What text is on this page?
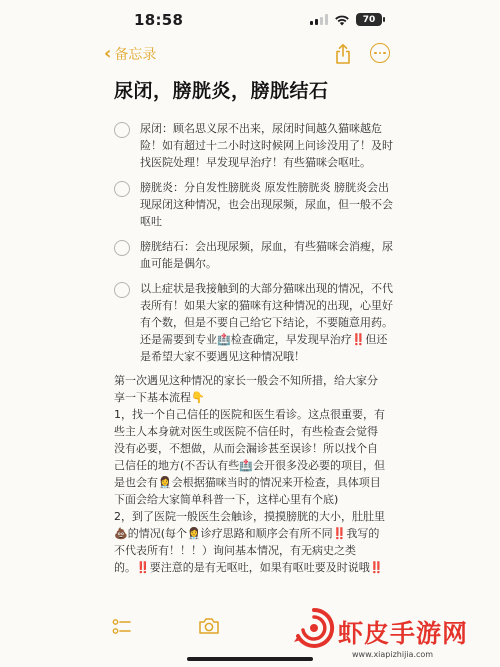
18:58	70
‹ 备忘录
尿闭，膀胱炎，膀胱结石
尿闭：顾名思义尿不出来，尿闭时间越久猫咪越危险！如有超过十二小时这时候网上问诊没用了！及时找医院处理！早发现早治疗！有些猫咪会呕吐。
膀胱炎：分自发性膀胱炎 原发性膀胱炎 膀胱炎会出现尿闭这种情况，也会出现尿频，尿血，但一般不会呕吐
膀胱结石：会出现尿频，尿血，有些猫咪会消瘦，尿血可能是偶尔。
以上症状是我接触到的大部分猫咪出现的情况，不代表所有！如果大家的猫咪有这种情况的出现，心里好有个数，但是不要自己给它下结论，不要随意用药。还是需要到专业🏥检查确定，早发现早治疗‼️但还是希望大家不要遇见这种情况哦！

第一次遇见这种情况的家长一般会不知所措，给大家分享一下基本流程👇

1，找一个自己信任的医院和医生看诊。这点很重要，有些主人本身就对医生或医院不信任时，有些检查会觉得没有必要，不想做，从而会漏诊甚至误诊！所以找个自己信任的地方(不否认有些🏥会开很多没必要的项目，但是也会有👩‍⚕️会根据猫咪当时的情况来开检查，具体项目下面会给大家简单科普一下，这样心里有个底)

2，到了医院一般医生会触诊，摸摸膀胱的大小，肚肚里💩的情况(每个👩‍⚕️诊疗思路和顺序会有所不同‼️我写的不代表所有！！！）询问基本情况，有无病史之类的。‼️要注意的是有无呕吐，如果有呕吐要及时说哦‼️

虾皮手游网
www.xiapizhijia.com
